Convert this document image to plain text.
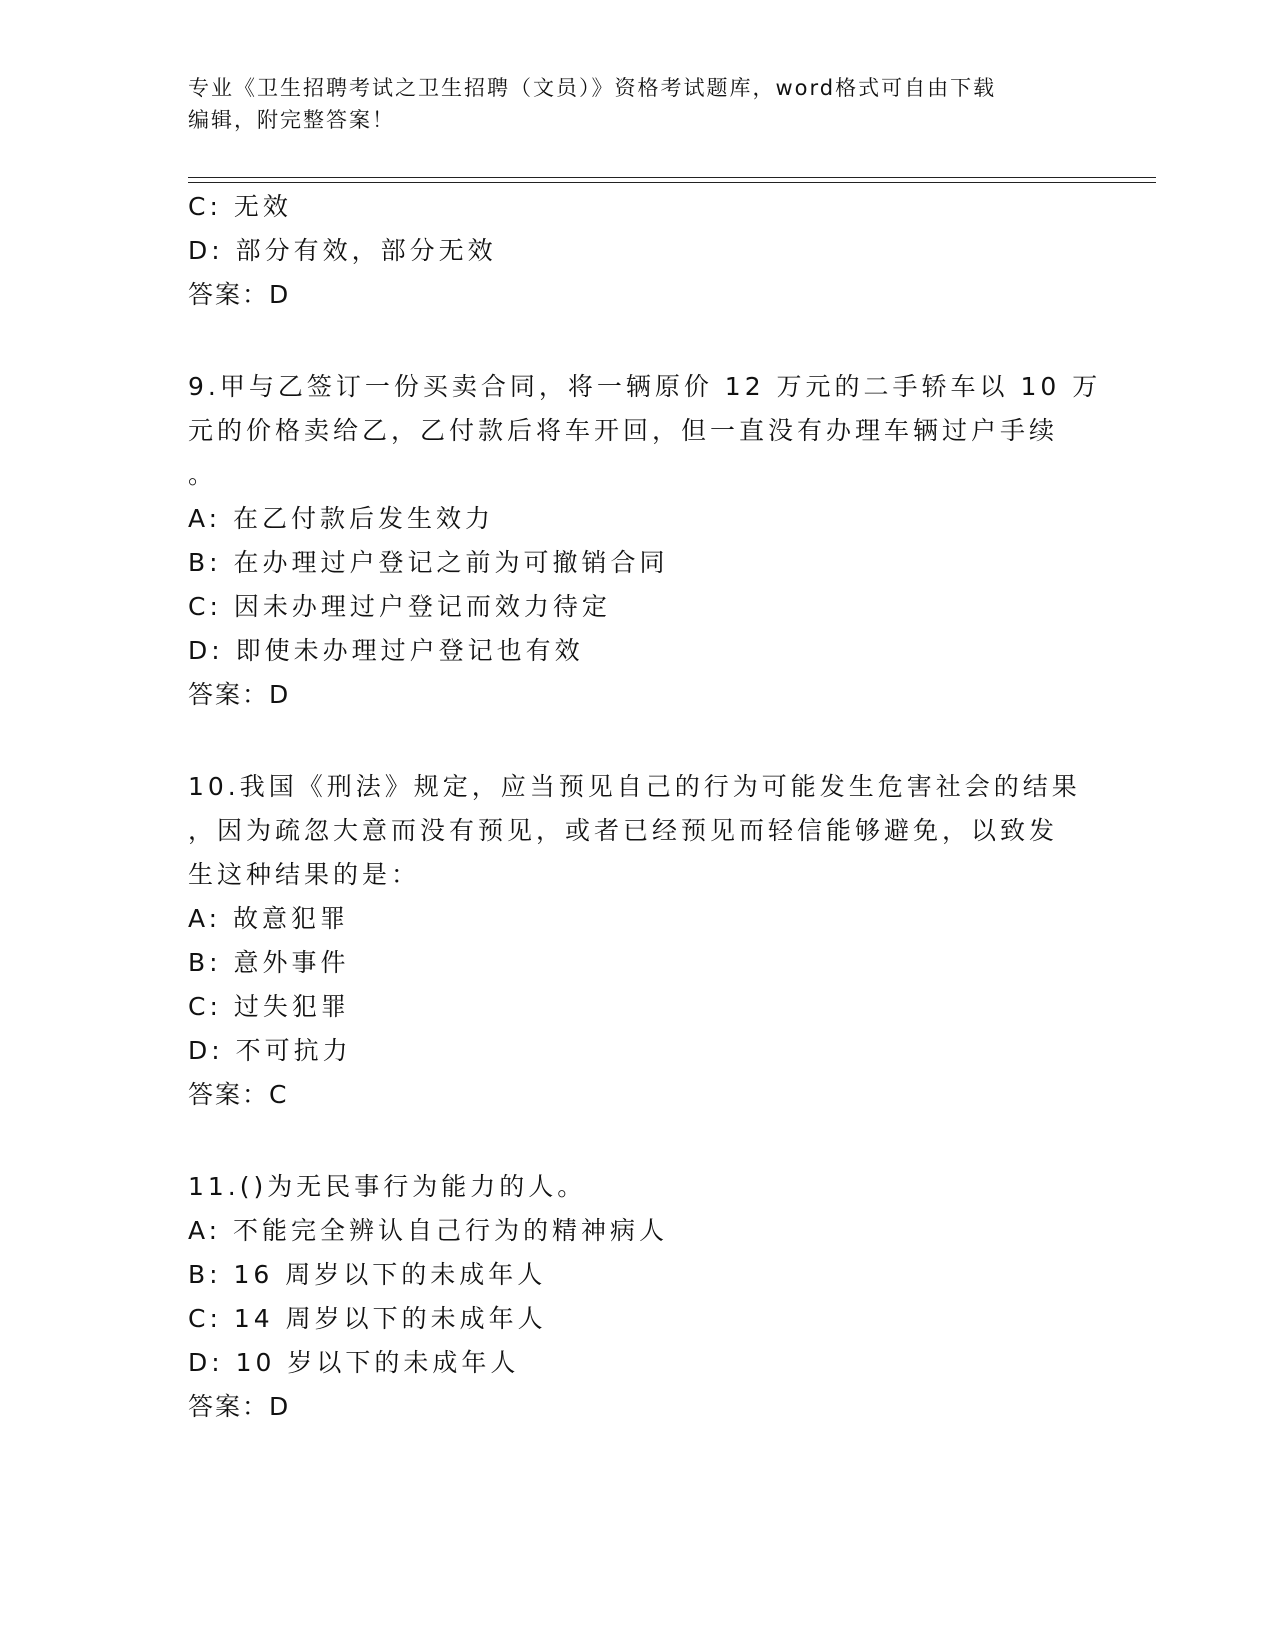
专业《卫生招聘考试之卫生招聘（文员）》资格考试题库，word格式可自由下载
编辑，附完整答案！
C: 无效
D: 部分有效，部分无效
答案：D
9.甲与乙签订一份买卖合同，将一辆原价 12 万元的二手轿车以 10 万
元的价格卖给乙，乙付款后将车开回，但一直没有办理车辆过户手续
。
A: 在乙付款后发生效力
B: 在办理过户登记之前为可撤销合同
C: 因未办理过户登记而效力待定
D: 即使未办理过户登记也有效
答案：D
10.我国《刑法》规定，应当预见自己的行为可能发生危害社会的结果
，因为疏忽大意而没有预见，或者已经预见而轻信能够避免，以致发
生这种结果的是：
A: 故意犯罪
B: 意外事件
C: 过失犯罪
D: 不可抗力
答案：C
11.()为无民事行为能力的人。
A: 不能完全辨认自己行为的精神病人
B: 16 周岁以下的未成年人
C: 14 周岁以下的未成年人
D: 10 岁以下的未成年人
答案：D
